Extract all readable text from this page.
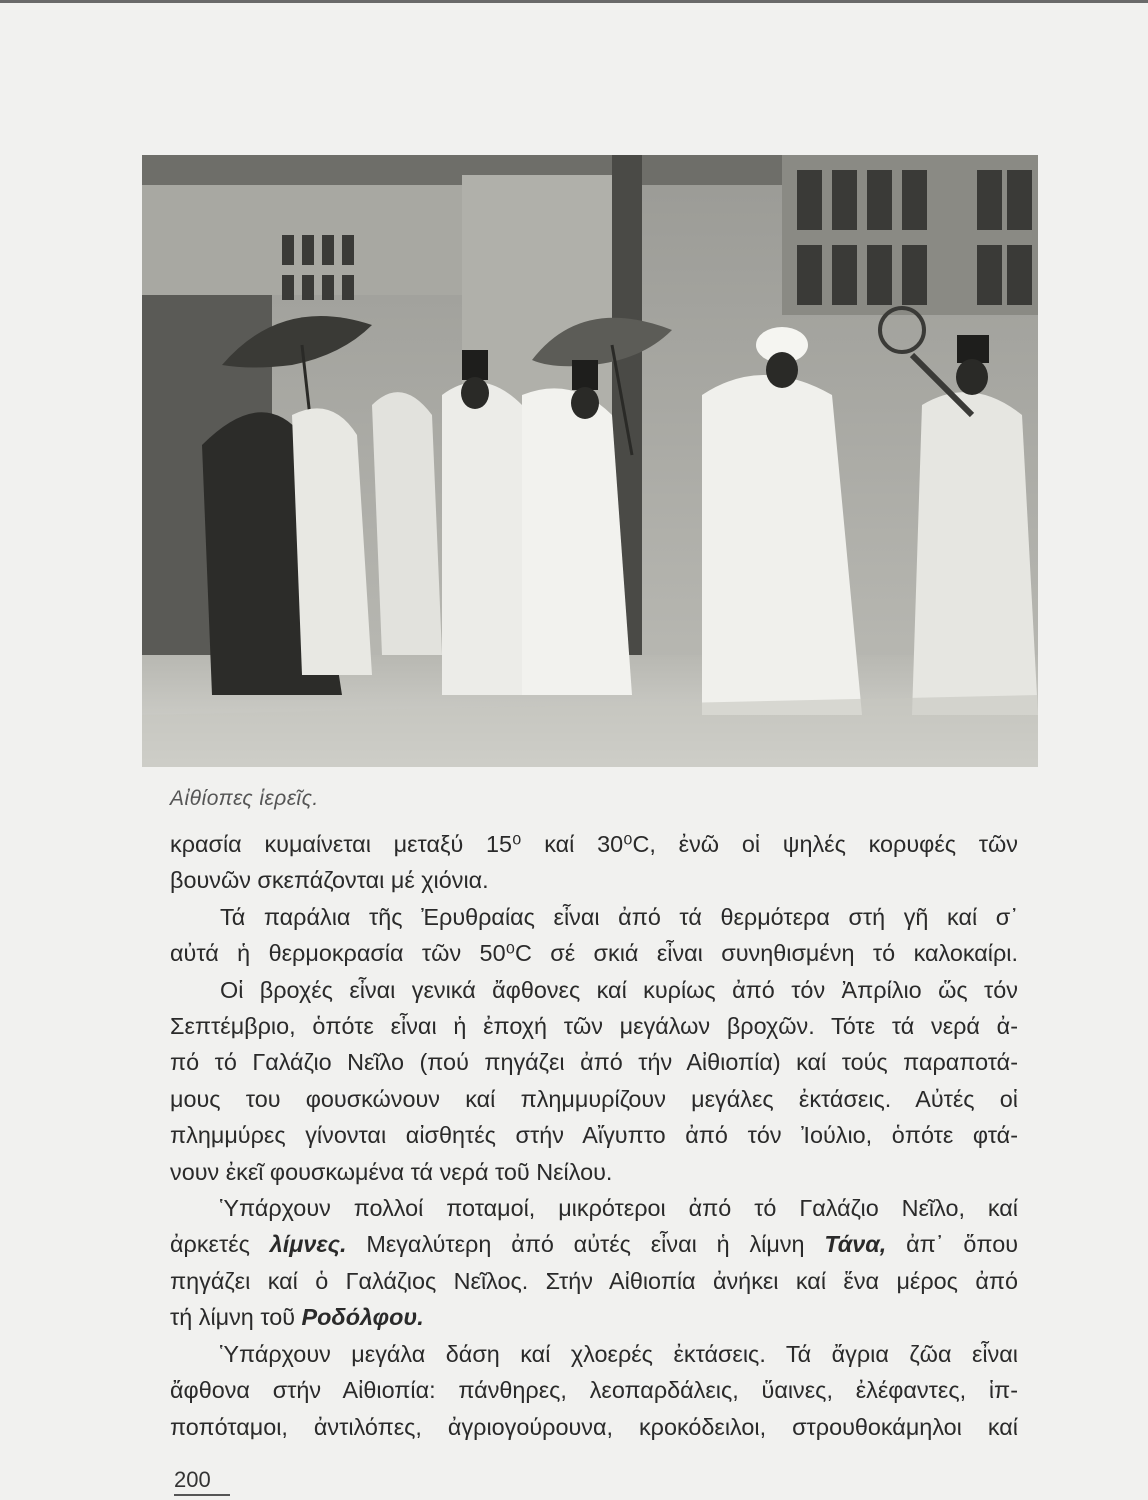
Αἰθίοπες ἱερεῖς.

κρασία κυμαίνεται μεταξύ 15⁰ καί 30⁰C, ἐνῶ οἱ ψηλές κορυφές τῶν

βουνῶν σκεπάζονται μέ χιόνια.

Τά παράλια τῆς Ἐρυθραίας εἶναι ἀπό τά θερμότερα στή γῆ καί σ᾿

αὐτά ἡ θερμοκρασία τῶν 50⁰C σέ σκιά εἶναι συνηθισμένη τό καλοκαίρι.

Οἱ βροχές εἶναι γενικά ἄφθονες καί κυρίως ἀπό τόν Ἀπρίλιο ὥς τόν

Σεπτέμβριο, ὁπότε εἶναι ἡ ἐποχή τῶν μεγάλων βροχῶν. Τότε τά νερά ἀ-

πό τό Γαλάζιο Νεῖλο (πού πηγάζει ἀπό τήν Αἰθιοπία) καί τούς παραποτά-

μους του φουσκώνουν καί πλημμυρίζουν μεγάλες ἐκτάσεις. Αὐτές οἱ

πλημμύρες γίνονται αἰσθητές στήν Αἴγυπτο ἀπό τόν Ἰούλιο, ὁπότε φτά-

νουν ἐκεῖ φουσκωμένα τά νερά τοῦ Νείλου.

Ὑπάρχουν πολλοί ποταμοί, μικρότεροι ἀπό τό Γαλάζιο Νεῖλο, καί

ἀρκετές λίμνες. Μεγαλύτερη ἀπό αὐτές εἶναι ἡ λίμνη Τάνα, ἀπ᾿ ὅπου

πηγάζει καί ὁ Γαλάζιος Νεῖλος. Στήν Αἰθιοπία ἀνήκει καί ἕνα μέρος ἀπό

τή λίμνη τοῦ Ροδόλφου.

Ὑπάρχουν μεγάλα δάση καί χλοερές ἐκτάσεις. Τά ἄγρια ζῶα εἶναι

ἄφθονα στήν Αἰθιοπία: πάνθηρες, λεοπαρδάλεις, ὕαινες, ἐλέφαντες, ἱπ-

ποπόταμοι, ἀντιλόπες, ἀγριογούρουνα, κροκόδειλοι, στρουθοκάμηλοι καί

200
